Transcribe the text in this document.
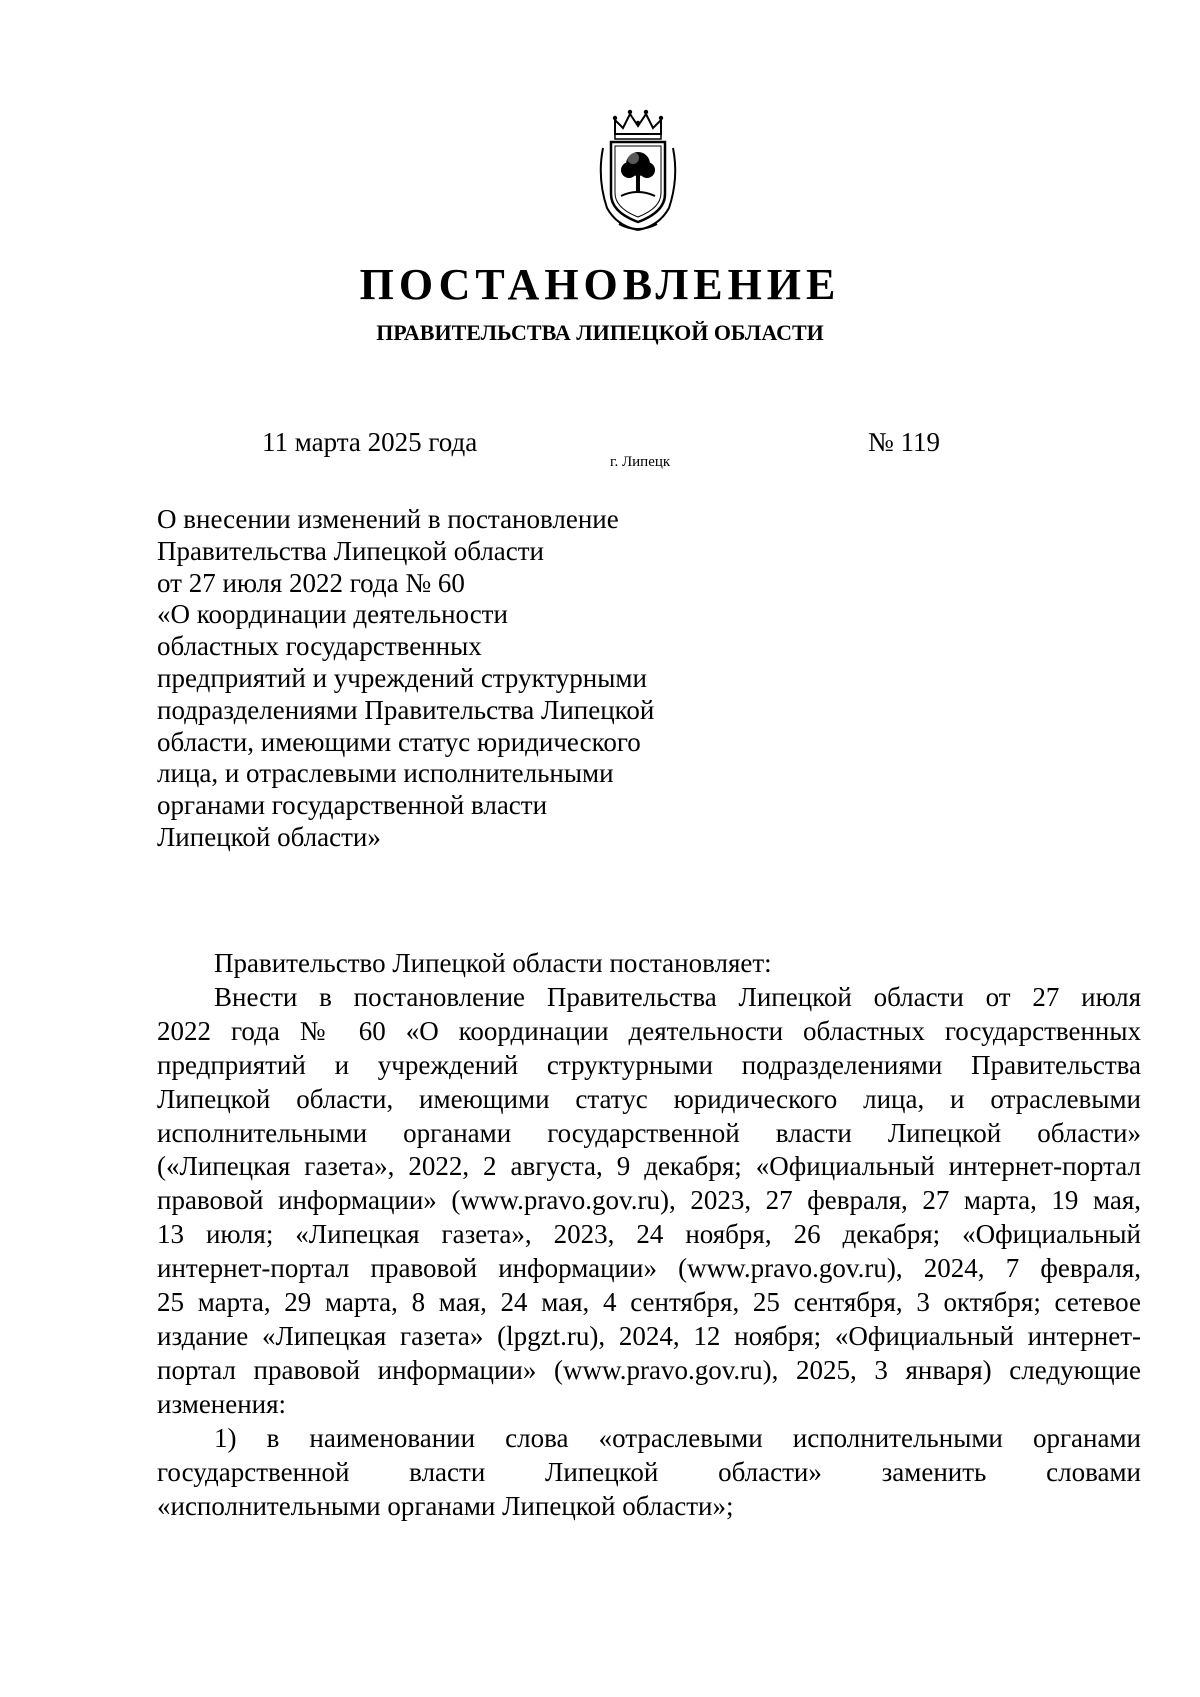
ПОСТАНОВЛЕНИЕ
ПРАВИТЕЛЬСТВА ЛИПЕЦКОЙ ОБЛАСТИ
11 марта 2025 года
г. Липецк
№ 119
О внесении изменений в постановление
Правительства Липецкой области
от 27 июля 2022 года № 60
«О координации деятельности
областных государственных
предприятий и учреждений структурными
подразделениями Правительства Липецкой
области, имеющими статус юридического
лица, и отраслевыми исполнительными
органами государственной власти
Липецкой области»

Правительство Липецкой области постановляет:

Внести в постановление Правительства Липецкой области от 27 июля

2022 года № 60 «О координации деятельности областных государственных

предприятий и учреждений структурными подразделениями Правительства

Липецкой области, имеющими статус юридического лица, и отраслевыми

исполнительными органами государственной власти Липецкой области»

(«Липецкая газета», 2022, 2 августа, 9 декабря; «Официальный интернет-портал

правовой информации» (www.pravo.gov.ru), 2023, 27 февраля, 27 марта, 19 мая,

13 июля; «Липецкая газета», 2023, 24 ноября, 26 декабря; «Официальный

интернет-портал правовой информации» (www.pravo.gov.ru), 2024, 7 февраля,

25 марта, 29 марта, 8 мая, 24 мая, 4 сентября, 25 сентября, 3 октября; сетевое

издание «Липецкая газета» (lpgzt.ru), 2024, 12 ноября; «Официальный интернет-

портал правовой информации» (www.pravo.gov.ru), 2025, 3 января) следующие

изменения:

1) в наименовании слова «отраслевыми исполнительными органами

государственной власти Липецкой области» заменить словами

«исполнительными органами Липецкой области»;
